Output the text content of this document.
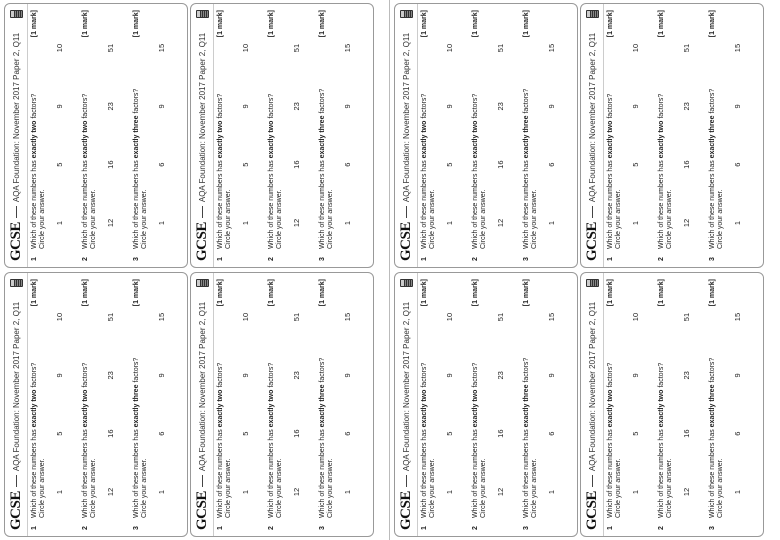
GCSE
AQA Foundation: November 2017 Paper 2, Q11
1
Which of these numbers has exactly two factors?
[1 mark]
Circle your answer. 1
5
9
10
2
Which of these numbers has exactly two factors?
[1 mark]
Circle your answer. 12
16
23
51
3
Which of these numbers has exactly three factors?
[1 mark]
Circle your answer. 1
6
9
15
GCSE
AQA Foundation: November 2017 Paper 2, Q11
1
Which of these numbers has exactly two factors?
[1 mark]
Circle your answer. 1
5
9
10
2
Which of these numbers has exactly two factors?
[1 mark]
Circle your answer. 12
16
23
51
3
Which of these numbers has exactly three factors?
[1 mark]
Circle your answer. 1
6
9
15
GCSE
AQA Foundation: November 2017 Paper 2, Q11
1
Which of these numbers has exactly two factors?
[1 mark]
Circle your answer. 1
5
9
10
2
Which of these numbers has exactly two factors?
[1 mark]
Circle your answer. 12
16
23
51
3
Which of these numbers has exactly three factors?
[1 mark]
Circle your answer. 1
6
9
15
GCSE
AQA Foundation: November 2017 Paper 2, Q11
1
Which of these numbers has exactly two factors?
[1 mark]
Circle your answer. 1
5
9
10
2
Which of these numbers has exactly two factors?
[1 mark]
Circle your answer. 12
16
23
51
3
Which of these numbers has exactly three factors?
[1 mark]
Circle your answer. 1
6
9
15
GCSE
AQA Foundation: November 2017 Paper 2, Q11
1
Which of these numbers has exactly two factors?
[1 mark]
Circle your answer. 1
5
9
10
2
Which of these numbers has exactly two factors?
[1 mark]
Circle your answer. 12
16
23
51
3
Which of these numbers has exactly three factors?
[1 mark]
Circle your answer. 1
6
9
15
GCSE
AQA Foundation: November 2017 Paper 2, Q11
1
Which of these numbers has exactly two factors?
[1 mark]
Circle your answer. 1
5
9
10
2
Which of these numbers has exactly two factors?
[1 mark]
Circle your answer. 12
16
23
51
3
Which of these numbers has exactly three factors?
[1 mark]
Circle your answer. 1
6
9
15
GCSE
AQA Foundation: November 2017 Paper 2, Q11
1
Which of these numbers has exactly two factors?
[1 mark]
Circle your answer. 1
5
9
10
2
Which of these numbers has exactly two factors?
[1 mark]
Circle your answer. 12
16
23
51
3
Which of these numbers has exactly three factors?
[1 mark]
Circle your answer. 1
6
9
15
GCSE
AQA Foundation: November 2017 Paper 2, Q11
1
Which of these numbers has exactly two factors?
[1 mark]
Circle your answer. 1
5
9
10
2
Which of these numbers has exactly two factors?
[1 mark]
Circle your answer. 12
16
23
51
3
Which of these numbers has exactly three factors?
[1 mark]
Circle your answer. 1
6
9
15
